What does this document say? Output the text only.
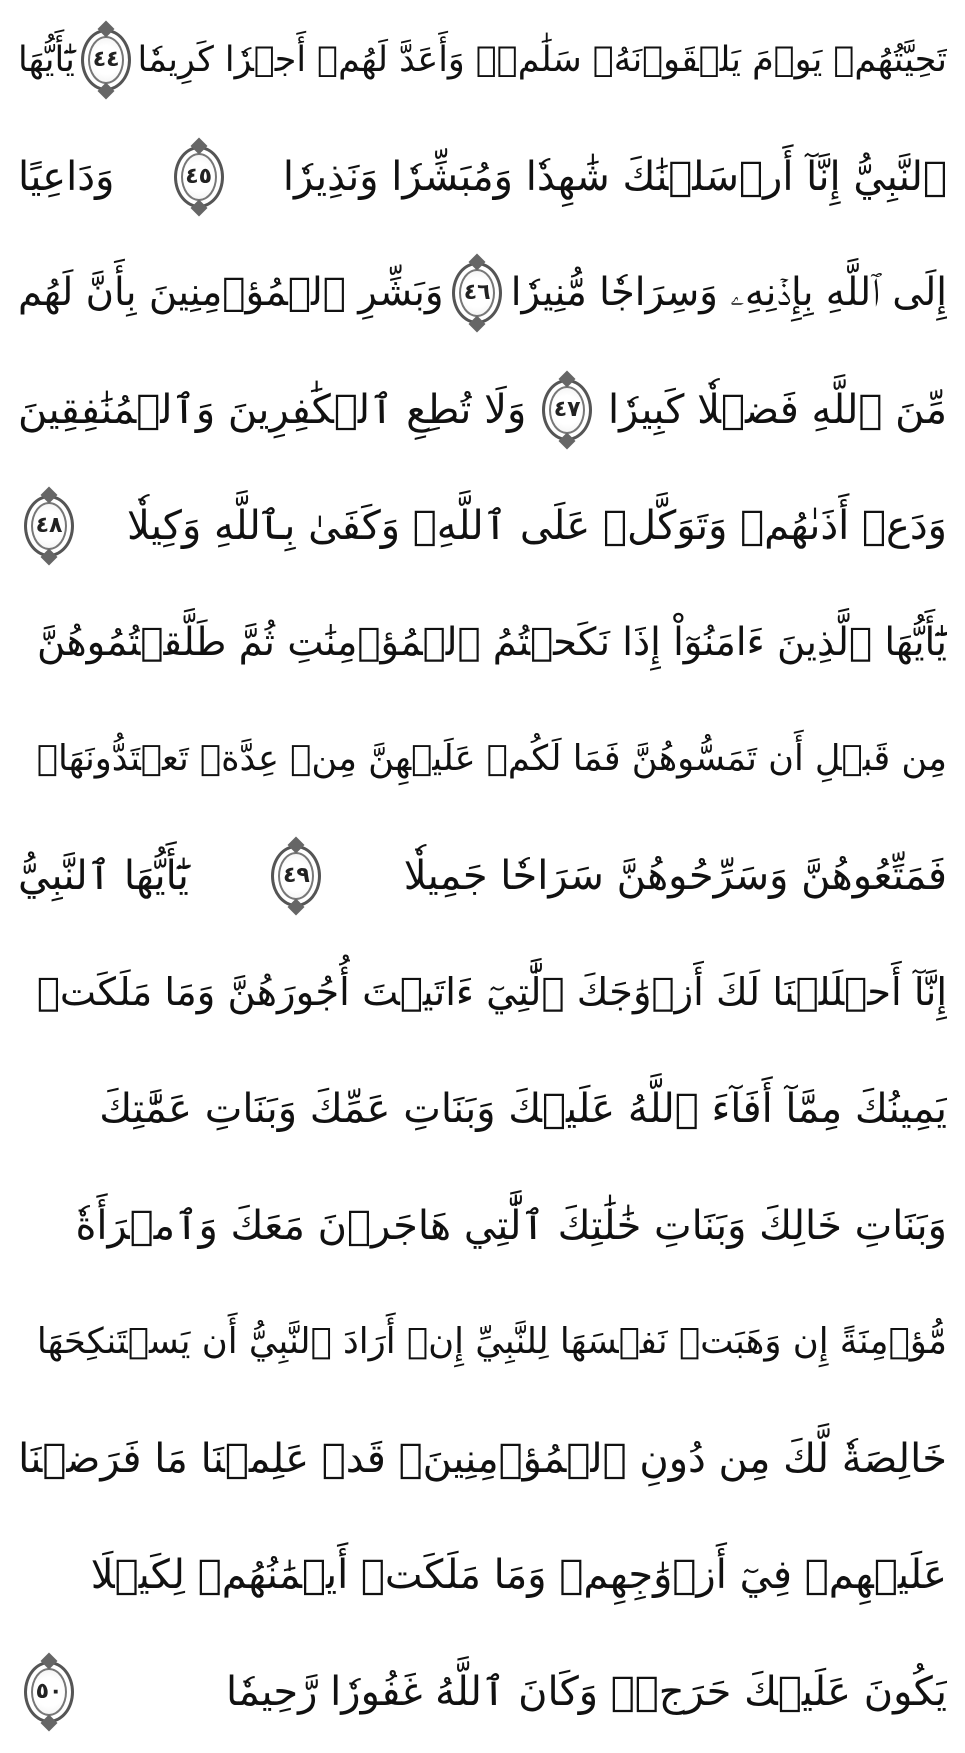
تَحِيَّتُهُمۡ يَوۡمَ يَلۡقَوۡنَهُۥ سَلَٰمٞۚ وَأَعَدَّ لَهُمۡ أَجۡرٗا كَرِيمٗا
٤٤
يَٰٓأَيُّهَا
ٱلنَّبِيُّ إِنَّآ أَرۡسَلۡنَٰكَ شَٰهِدٗا وَمُبَشِّرٗا وَنَذِيرٗا
٤٥
وَدَاعِيًا
إِلَى ٱللَّهِ بِإِذۡنِهِۦ وَسِرَاجٗا مُّنِيرٗا
٤٦
وَبَشِّرِ ٱلۡمُؤۡمِنِينَ بِأَنَّ لَهُم
مِّنَ ٱللَّهِ فَضۡلٗا كَبِيرٗا
٤٧
وَلَا تُطِعِ ٱلۡكَٰفِرِينَ وَٱلۡمُنَٰفِقِينَ
وَدَعۡ أَذَىٰهُمۡ وَتَوَكَّلۡ عَلَى ٱللَّهِۚ وَكَفَىٰ بِٱللَّهِ وَكِيلٗا
٤٨
يَٰٓأَيُّهَا ٱلَّذِينَ ءَامَنُوٓاْ إِذَا نَكَحۡتُمُ ٱلۡمُؤۡمِنَٰتِ ثُمَّ طَلَّقۡتُمُوهُنَّ
مِن قَبۡلِ أَن تَمَسُّوهُنَّ فَمَا لَكُمۡ عَلَيۡهِنَّ مِنۡ عِدَّةٖ تَعۡتَدُّونَهَاۖ
فَمَتِّعُوهُنَّ وَسَرِّحُوهُنَّ سَرَاحٗا جَمِيلٗا
٤٩
يَٰٓأَيُّهَا ٱلنَّبِيُّ
إِنَّآ أَحۡلَلۡنَا لَكَ أَزۡوَٰجَكَ ٱلَّٰتِيٓ ءَاتَيۡتَ أُجُورَهُنَّ وَمَا مَلَكَتۡ
يَمِينُكَ مِمَّآ أَفَآءَ ٱللَّهُ عَلَيۡكَ وَبَنَاتِ عَمِّكَ وَبَنَاتِ عَمَّٰتِكَ
وَبَنَاتِ خَالِكَ وَبَنَاتِ خَٰلَٰتِكَ ٱلَّٰتِي هَاجَرۡنَ مَعَكَ وَٱمۡرَأَةٗ
مُّؤۡمِنَةً إِن وَهَبَتۡ نَفۡسَهَا لِلنَّبِيِّ إِنۡ أَرَادَ ٱلنَّبِيُّ أَن يَسۡتَنكِحَهَا
خَالِصَةٗ لَّكَ مِن دُونِ ٱلۡمُؤۡمِنِينَۗ قَدۡ عَلِمۡنَا مَا فَرَضۡنَا
عَلَيۡهِمۡ فِيٓ أَزۡوَٰجِهِمۡ وَمَا مَلَكَتۡ أَيۡمَٰنُهُمۡ لِكَيۡلَا
يَكُونَ عَلَيۡكَ حَرَجٞۗ وَكَانَ ٱللَّهُ غَفُورٗا رَّحِيمٗا
٥٠
